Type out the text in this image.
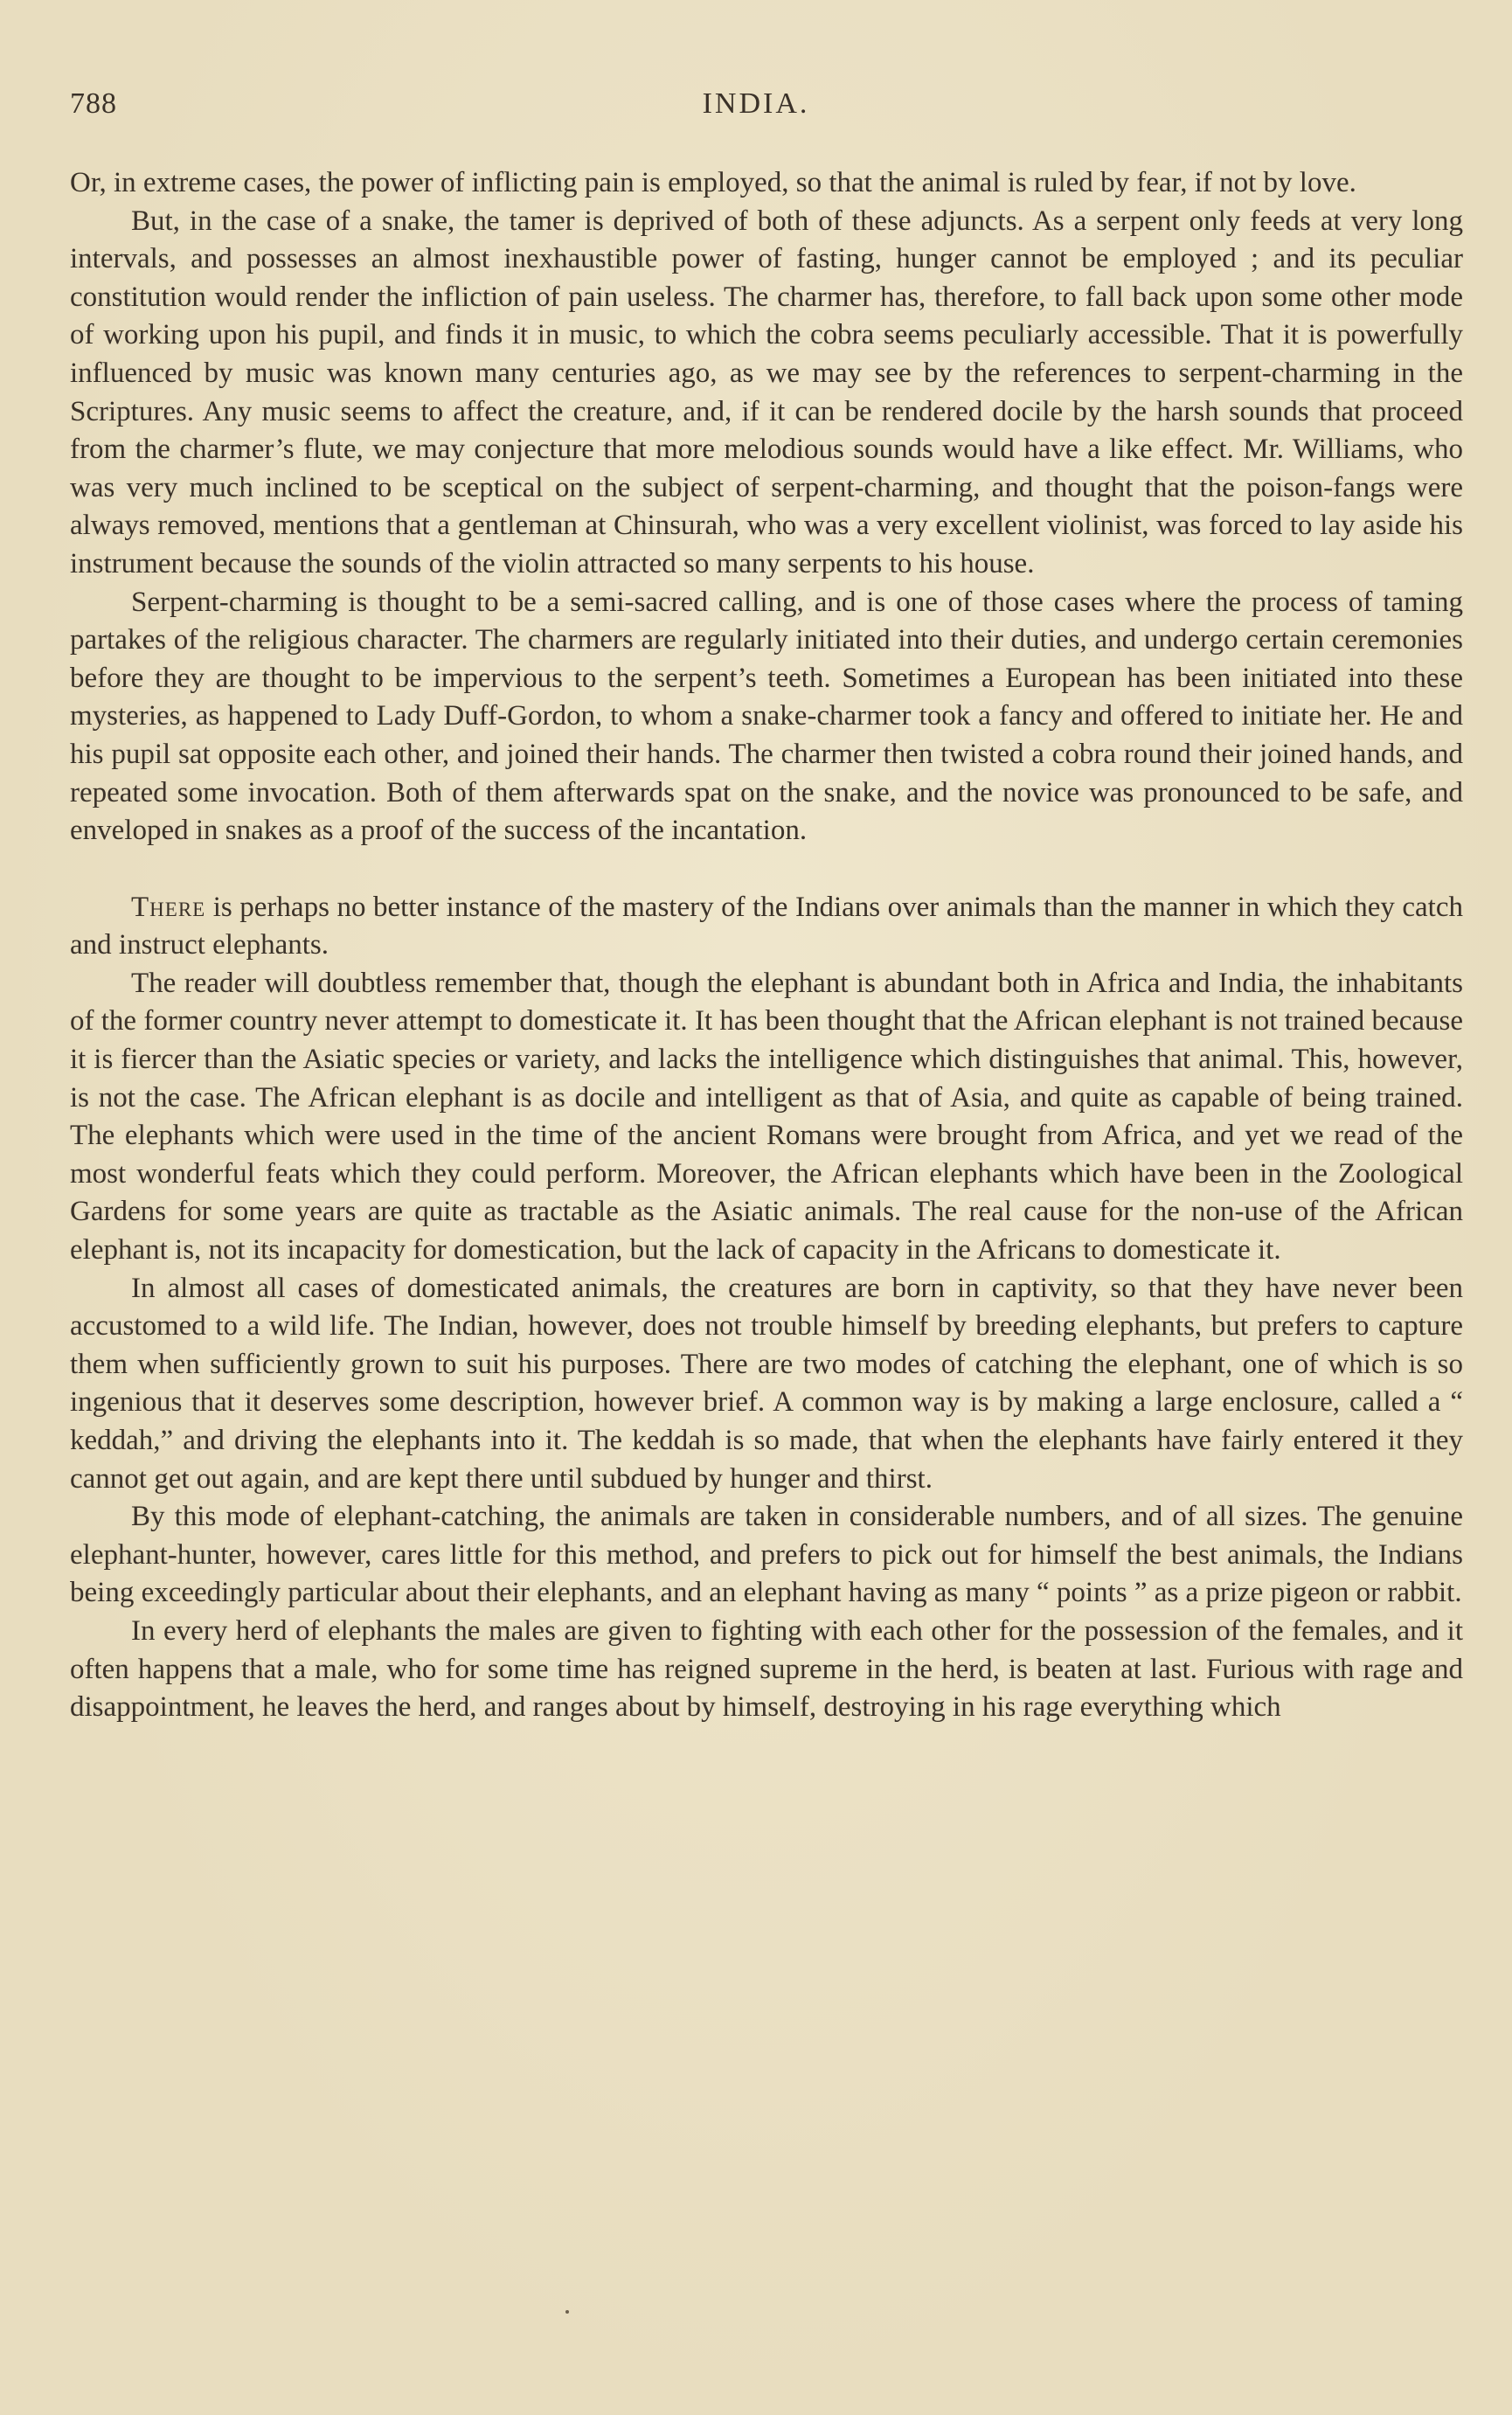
788	INDIA.

Or, in extreme cases, the power of inflicting pain is employed, so that the animal is ruled by fear, if not by love.

But, in the case of a snake, the tamer is deprived of both of these adjuncts. As a serpent only feeds at very long intervals, and possesses an almost inexhaustible power of fasting, hunger cannot be employed ; and its peculiar constitution would render the infliction of pain useless. The charmer has, therefore, to fall back upon some other mode of working upon his pupil, and finds it in music, to which the cobra seems peculiarly accessible. That it is powerfully influenced by music was known many centuries ago, as we may see by the references to serpent-charming in the Scriptures. Any music seems to affect the creature, and, if it can be rendered docile by the harsh sounds that proceed from the charmer’s flute, we may conjecture that more melodious sounds would have a like effect. Mr. Williams, who was very much inclined to be sceptical on the subject of serpent-charming, and thought that the poison-fangs were always removed, mentions that a gentleman at Chinsurah, who was a very excellent violinist, was forced to lay aside his instrument because the sounds of the violin attracted so many serpents to his house.

Serpent-charming is thought to be a semi-sacred calling, and is one of those cases where the process of taming partakes of the religious character. The charmers are regularly initiated into their duties, and undergo certain ceremonies before they are thought to be impervious to the serpent’s teeth. Sometimes a European has been initiated into these mysteries, as happened to Lady Duff-Gordon, to whom a snake-charmer took a fancy and offered to initiate her. He and his pupil sat opposite each other, and joined their hands. The charmer then twisted a cobra round their joined hands, and repeated some invocation. Both of them afterwards spat on the snake, and the novice was pronounced to be safe, and enveloped in snakes as a proof of the success of the incantation.

There is perhaps no better instance of the mastery of the Indians over animals than the manner in which they catch and instruct elephants.

The reader will doubtless remember that, though the elephant is abundant both in Africa and India, the inhabitants of the former country never attempt to domesticate it. It has been thought that the African elephant is not trained because it is fiercer than the Asiatic species or variety, and lacks the intelligence which distinguishes that animal. This, however, is not the case. The African elephant is as docile and intelligent as that of Asia, and quite as capable of being trained. The elephants which were used in the time of the ancient Romans were brought from Africa, and yet we read of the most wonderful feats which they could perform. Moreover, the African elephants which have been in the Zoological Gardens for some years are quite as tractable as the Asiatic animals. The real cause for the non-use of the African elephant is, not its incapacity for domestication, but the lack of capacity in the Africans to domesticate it.

In almost all cases of domesticated animals, the creatures are born in captivity, so that they have never been accustomed to a wild life. The Indian, however, does not trouble himself by breeding elephants, but prefers to capture them when sufficiently grown to suit his purposes. There are two modes of catching the elephant, one of which is so ingenious that it deserves some description, however brief. A common way is by making a large enclosure, called a “ keddah,” and driving the elephants into it. The keddah is so made, that when the elephants have fairly entered it they cannot get out again, and are kept there until subdued by hunger and thirst.

By this mode of elephant-catching, the animals are taken in considerable numbers, and of all sizes. The genuine elephant-hunter, however, cares little for this method, and prefers to pick out for himself the best animals, the Indians being exceedingly particular about their elephants, and an elephant having as many “ points ” as a prize pigeon or rabbit.

In every herd of elephants the males are given to fighting with each other for the possession of the females, and it often happens that a male, who for some time has reigned supreme in the herd, is beaten at last. Furious with rage and disappointment, he leaves the herd, and ranges about by himself, destroying in his rage everything which
